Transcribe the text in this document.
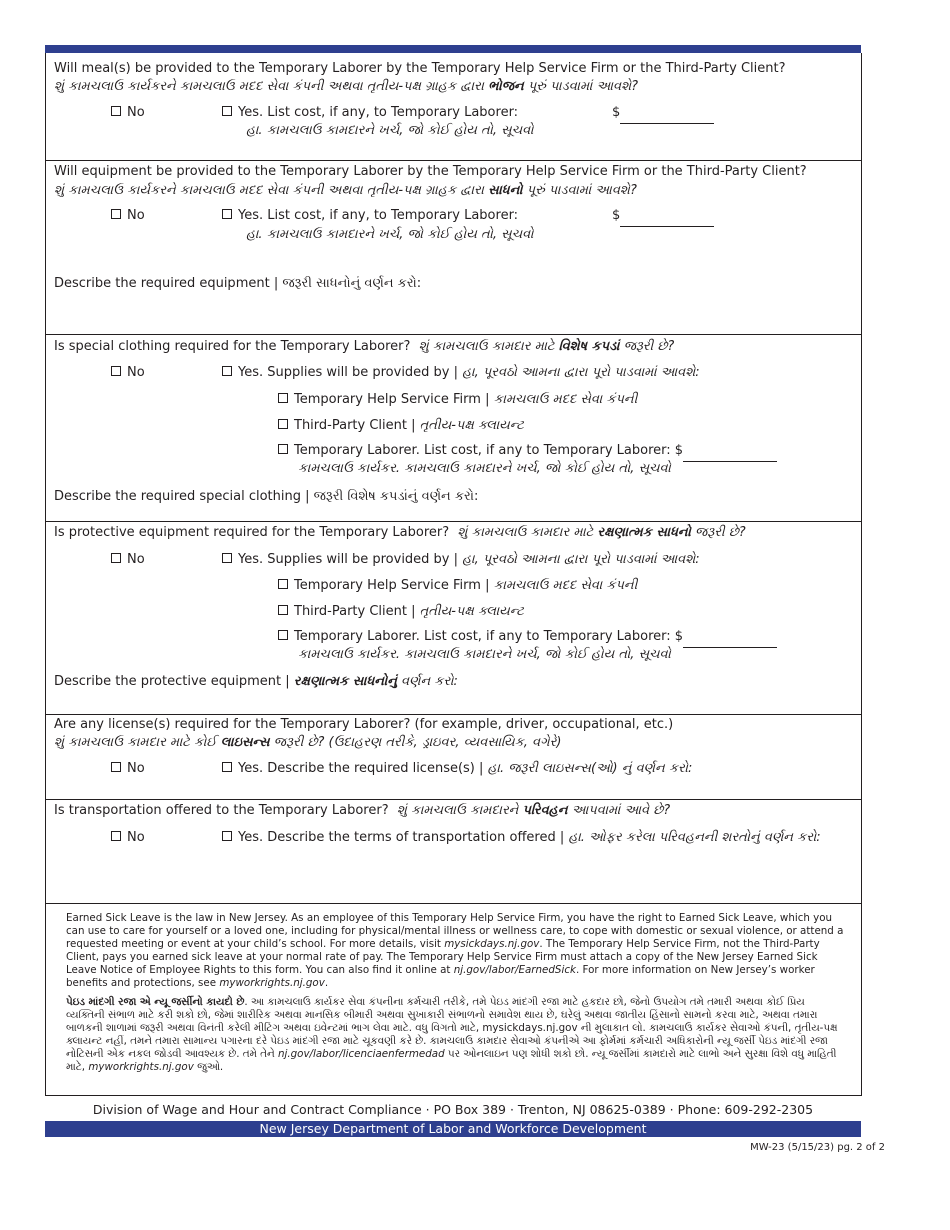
Will meal(s) be provided to the Temporary Laborer by the Temporary Help Service Firm or the Third-Party Client?
શું કામચલાઉ કાર્યકરને કામચલાઉ મદદ સેવા કંપની અથવા તૃતીય-પક્ષ ગ્રાહક દ્વારા ભોજન પૂરું પાડવામાં આવશે?
No	Yes. List cost, if any, to Temporary Laborer:
હા. કામચલાઉ કામદારને ખર્ચ, જો કોઈ હોય તો, સૂચવો
$
Will equipment be provided to the Temporary Laborer by the Temporary Help Service Firm or the Third-Party Client?
શું કામચલાઉ કાર્યકરને કામચલાઉ મદદ સેવા કંપની અથવા તૃતીય-પક્ષ ગ્રાહક દ્વારા સાધનો પૂરું પાડવામાં આવશે?
No	Yes. List cost, if any, to Temporary Laborer:
હા. કામચલાઉ કામદારને ખર્ચ, જો કોઈ હોય તો, સૂચવો
$
Describe the required equipment | જરૂરી સાધનોનું વર્ણન કરો:
Is special clothing required for the Temporary Laborer? શું કામચલાઉ કામદાર માટે વિશેષ કપડાં જરૂરી છે?
No	Yes. Supplies will be provided by | હા, પૂરવઠો આમના દ્વારા પૂરો પાડવામાં આવશે:
Temporary Help Service Firm | કામચલાઉ મદદ સેવા કંપની
Third-Party Client | તૃતીય-પક્ષ ક્લાયન્ટ
Temporary Laborer. List cost, if any to Temporary Laborer: $
કામચલાઉ કાર્યકર. કામચલાઉ કામદારને ખર્ચ, જો કોઈ હોય તો, સૂચવો
Describe the required special clothing | જરૂરી વિશેષ કપડાંનું વર્ણન કરો:
Is protective equipment required for the Temporary Laborer? શું કામચલાઉ કામદાર માટે રક્ષણાત્મક સાધનો જરૂરી છે?
No	Yes. Supplies will be provided by | હા, પૂરવઠો આમના દ્વારા પૂરો પાડવામાં આવશે:
Temporary Help Service Firm | કામચલાઉ મદદ સેવા કંપની
Third-Party Client | તૃતીય-પક્ષ ક્લાયન્ટ
Temporary Laborer. List cost, if any to Temporary Laborer: $
કામચલાઉ કાર્યકર. કામચલાઉ કામદારને ખર્ચ, જો કોઈ હોય તો, સૂચવો
Describe the protective equipment | રક્ષણાત્મક સાધનોનું વર્ણન કરો:
Are any license(s) required for the Temporary Laborer? (for example, driver, occupational, etc.)
શું કામચલાઉ કામદાર માટે કોઈ લાઇસન્સ જરૂરી છે? (ઉદાહરણ તરીકે, ડ્રાઇવર, વ્યવસાયિક, વગેરે)
No	Yes. Describe the required license(s) | હા. જરૂરી લાઇસન્સ(ઓ) નું વર્ણન કરો:
Is transportation offered to the Temporary Laborer? શું કામચલાઉ કામદારને પરિવહન આપવામાં આવે છે?
No	Yes. Describe the terms of transportation offered | હા. ઓફર કરેલા પરિવહનની શરતોનું વર્ણન કરો:

Earned Sick Leave is the law in New Jersey. As an employee of this Temporary Help Service Firm, you have the right to Earned Sick Leave, which you can use to care for yourself or a loved one, including for physical/mental illness or wellness care, to cope with domestic or sexual violence, or attend a requested meeting or event at your child’s school. For more details, visit mysickdays.nj.gov. The Temporary Help Service Firm, not the Third-Party Client, pays you earned sick leave at your normal rate of pay. The Temporary Help Service Firm must attach a copy of the New Jersey Earned Sick Leave Notice of Employee Rights to this form. You can also find it online at nj.gov/labor/EarnedSick. For more information on New Jersey’s worker benefits and protections, see myworkrights.nj.gov.

પેઇડ માંદગી રજા એ ન્યૂ જર્સીનો કાયદો છે. આ કામચલાઉ કાર્યકર સેવા કંપનીના કર્મચારી તરીકે, તમે પેઇડ માંદગી રજા માટે હકદાર છો, જેનો ઉપયોગ તમે તમારી અથવા કોઈ પ્રિય વ્યક્તિની સંભાળ માટે કરી શકો છો, જેમાં શારીરિક અથવા માનસિક બીમારી અથવા સુખાકારી સંભાળનો સમાવેશ થાય છે, ઘરેલું અથવા જાતીય હિંસાનો સામનો કરવા માટે, અથવા તમારા બાળકની શાળામાં જરૂરી અથવા વિનંતી કરેલી મીટિંગ અથવા ઇવેન્ટમાં ભાગ લેવા માટે. વધુ વિગતો માટે, mysickdays.nj.gov ની મુલાકાત લો. કામચલાઉ કાર્યકર સેવાઓ કંપની, તૃતીય-પક્ષ ક્લાયન્ટ નહીં, તમને તમારા સામાન્ય પગારના દરે પેઇડ માંદગી રજા માટે ચૂકવણી કરે છે. કામચલાઉ કામદાર સેવાઓ કંપનીએ આ ફોર્મમાં કર્મચારી અધિકારોની ન્યૂ જર્સી પેઇડ માંદગી રજા નોટિસની એક નકલ જોડવી આવશ્યક છે. તમે તેને nj.gov/labor/licenciaenfermedad પર ઓનલાઇન પણ શોધી શકો છો. ન્યૂ જર્સીમાં કામદારો માટે લાભો અને સુરક્ષા વિશે વધુ માહિતી માટે, myworkrights.nj.gov જુઓ.

Division of Wage and Hour and Contract Compliance · PO Box 389 · Trenton, NJ 08625-0389 · Phone: 609-292-2305
New Jersey Department of Labor and Workforce Development
MW-23 (5/15/23) pg. 2 of 2
